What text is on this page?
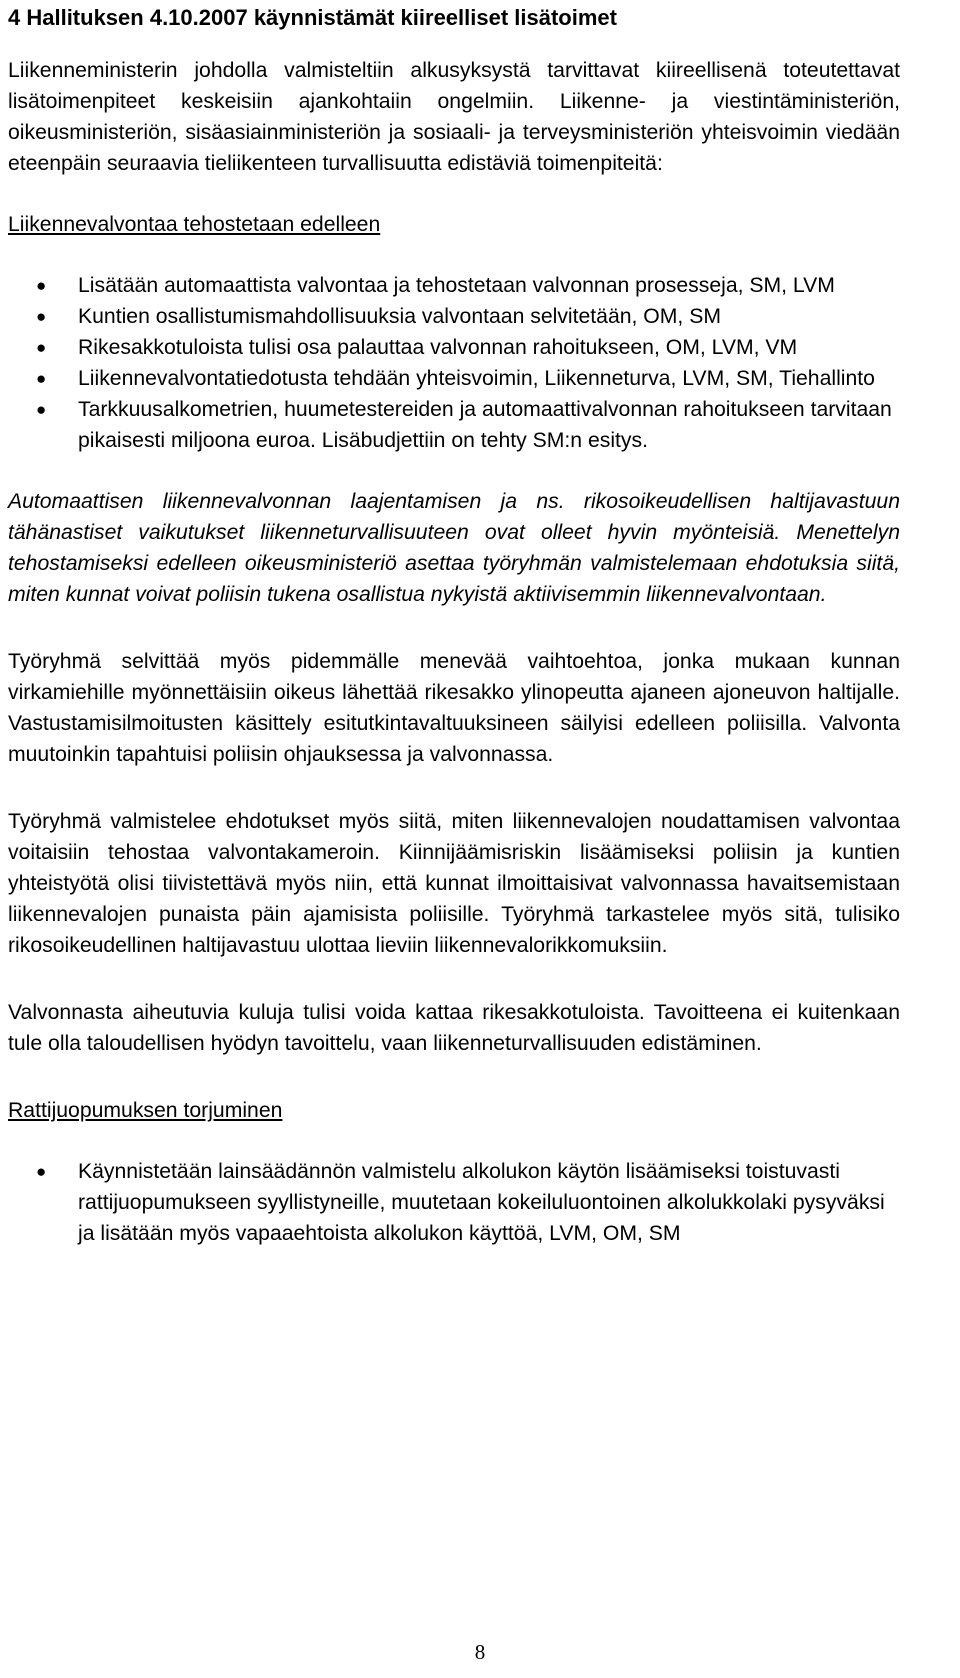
4 Hallituksen 4.10.2007 käynnistämät kiireelliset lisätoimet

Liikenneministerin johdolla valmisteltiin alkusyksystä tarvittavat kiireellisenä toteutettavat lisätoimenpiteet keskeisiin ajankohtaiin ongelmiin. Liikenne- ja viestintäministeriön, oikeusministeriön, sisäasiainministeriön ja sosiaali- ja terveysministeriön yhteisvoimin viedään eteenpäin seuraavia tieliikenteen turvallisuutta edistäviä toimenpiteitä:

Liikennevalvontaa tehostetaan edelleen

● Lisätään automaattista valvontaa ja tehostetaan valvonnan prosesseja, SM, LVM
● Kuntien osallistumismahdollisuuksia valvontaan selvitetään, OM, SM
● Rikesakkotuloista tulisi osa palauttaa valvonnan rahoitukseen, OM, LVM, VM
● Liikennevalvontatiedotusta tehdään yhteisvoimin, Liikenneturva, LVM, SM, Tiehallinto
● Tarkkuusalkometrien, huumetestereiden ja automaattivalvonnan rahoitukseen tarvitaan pikaisesti miljoona euroa. Lisäbudjettiin on tehty SM:n esitys.

Automaattisen liikennevalvonnan laajentamisen ja ns. rikosoikeudellisen haltijavastuun tähänastiset vaikutukset liikenneturvallisuuteen ovat olleet hyvin myönteisiä. Menettelyn tehostamiseksi edelleen oikeusministeriö asettaa työryhmän valmistelemaan ehdotuksia siitä, miten kunnat voivat poliisin tukena osallistua nykyistä aktiivisemmin liikennevalvontaan.

Työryhmä selvittää myös pidemmälle menevää vaihtoehtoa, jonka mukaan kunnan virkamiehille myönnettäisiin oikeus lähettää rikesakko ylinopeutta ajaneen ajoneuvon haltijalle. Vastustamisilmoitusten käsittely esitutkintavaltuuksineen säilyisi edelleen poliisilla. Valvonta muutoinkin tapahtuisi poliisin ohjauksessa ja valvonnassa.

Työryhmä valmistelee ehdotukset myös siitä, miten liikennevalojen noudattamisen valvontaa voitaisiin tehostaa valvontakameroin. Kiinnijäämisriskin lisäämiseksi poliisin ja kuntien yhteistyötä olisi tiivistettävä myös niin, että kunnat ilmoittaisivat valvonnassa havaitsemistaan liikennevalojen punaista päin ajamisista poliisille. Työryhmä tarkastelee myös sitä, tulisiko rikosoikeudellinen haltijavastuu ulottaa lieviin liikennevalorikkomuksiin.

Valvonnasta aiheutuvia kuluja tulisi voida kattaa rikesakkotuloista. Tavoitteena ei kuitenkaan tule olla taloudellisen hyödyn tavoittelu, vaan liikenneturvallisuuden edistäminen.

Rattijuopumuksen torjuminen

● Käynnistetään lainsäädännön valmistelu alkolukon käytön lisäämiseksi toistuvasti rattijuopumukseen syyllistyneille, muutetaan kokeiluluontoinen alkolukkolaki pysyväksi ja lisätään myös vapaaehtoista alkolukon käyttöä, LVM, OM, SM
8
